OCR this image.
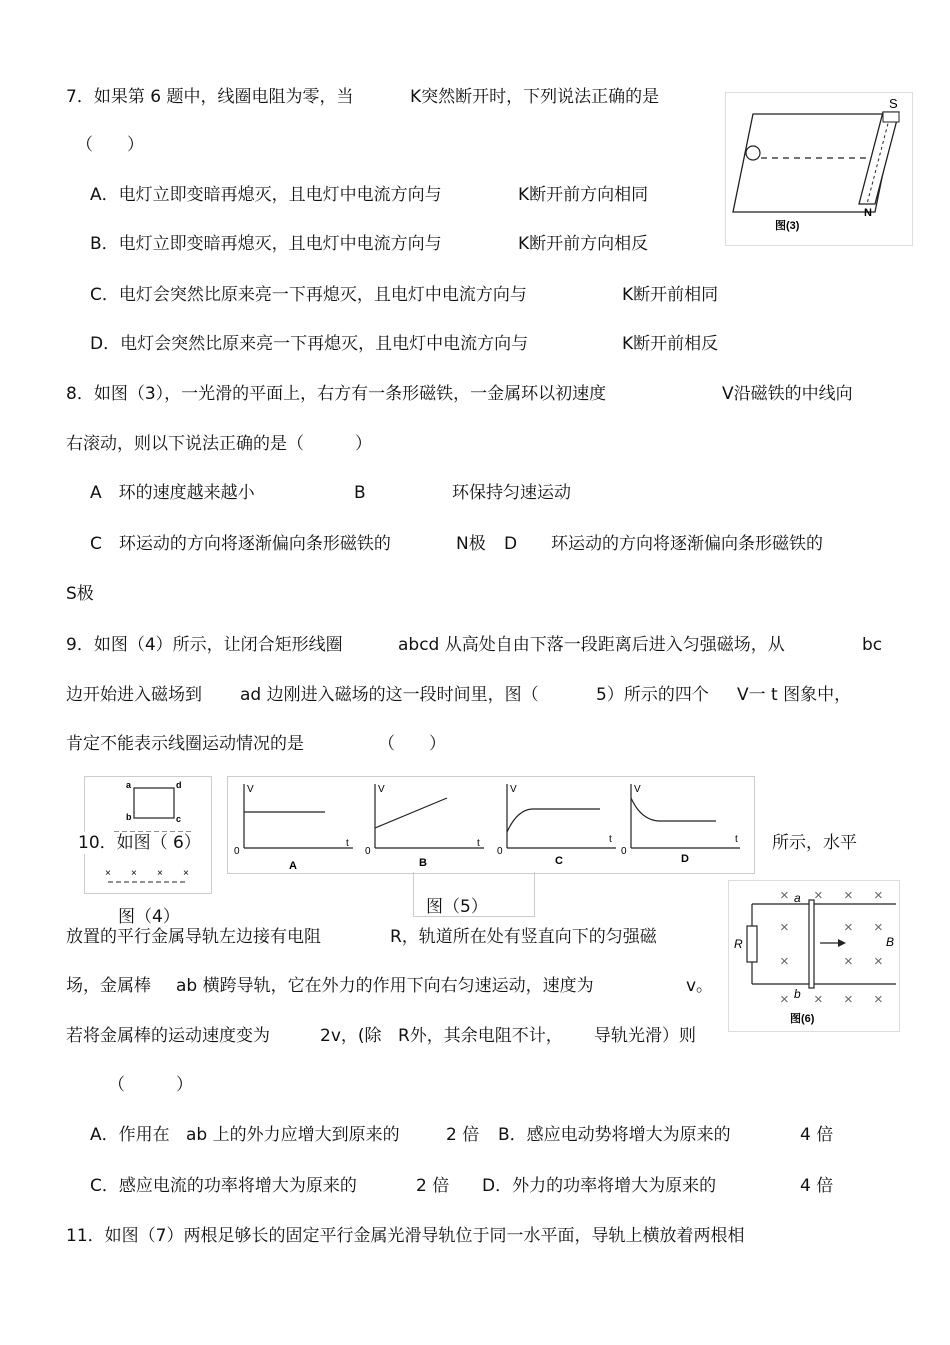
7．如果第 6 题中，线圈电阻为零，当	K突然断开时，下列说法正确的是
（　　）
A．电灯立即变暗再熄灭，且电灯中电流方向与	K断开前方向相同
B．电灯立即变暗再熄灭，且电灯中电流方向与	K断开前方向相反
C．电灯会突然比原来亮一下再熄灭，且电灯中电流方向与	K断开前相同
D．电灯会突然比原来亮一下再熄灭，且电灯中电流方向与	K断开前相反
S
N
图(3)
8．如图（3），一光滑的平面上，右方有一条形磁铁，一金属环以初速度	V沿磁铁的中线向
右滚动，则以下说法正确的是（　　　）
A　环的速度越来越小	B	环保持匀速运动
C　环运动的方向将逐渐偏向条形磁铁的	N极 D 环运动的方向将逐渐偏向条形磁铁的
S极
9．如图（4）所示，让闭合矩形线圈	abcd 从高处自由下落一段距离后进入匀强磁场，从	bc
边开始进入磁场到 ad 边刚进入磁场的这一段时间里，图（	5）所示的四个 V一 t 图象中，
肯定不能表示线圈运动情况的是	（　　）
a	d
b	c
× × × ×
10．如图（ 6）
图（4）
V	V	V	V
t	t	t	t
0	0	0	0
A	B	C	D
图（5）
所示，水平
× × × ×
×	× ×
×	× ×
× × × ×
a
b
R	B
图(6)
放置的平行金属导轨左边接有电阻	R，轨道所在处有竖直向下的匀强磁
场，金属棒 ab 横跨导轨，它在外力的作用下向右匀速运动，速度为	v。
若将金属棒的运动速度变为	2v，(除 R外，其余电阻不计， 导轨光滑）则
（　　　）
A．作用在 ab 上的外力应增大到原来的	2 倍 B．感应电动势将增大为原来的	4 倍
C．感应电流的功率将增大为原来的	2 倍 D．外力的功率将增大为原来的	4 倍
11．如图（7）两根足够长的固定平行金属光滑导轨位于同一水平面，导轨上横放着两根相
